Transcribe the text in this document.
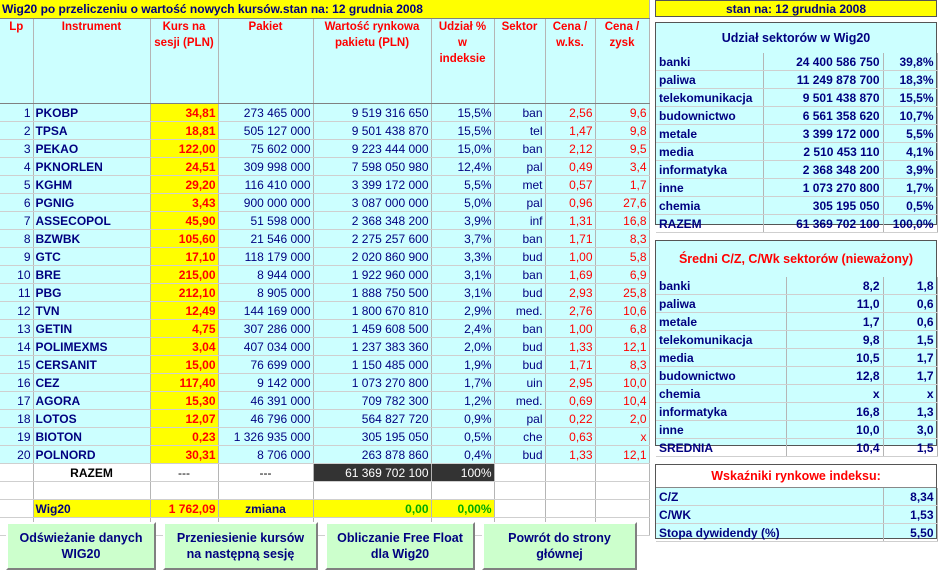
Wig20 po przeliczeniu o wartość nowych kursów.stan na: 12 grudnia 2008								
Lp	Instrument	Kurs na sesji (PLN)	Pakiet	Wartość rynkowa pakietu (PLN)	Udział % w indeksie	Sektor	Cena / w.ks.	Cena / zysk
1	PKOBP	34,81	273 465 000	9 519 316 650	15,5%	ban	2,56	9,6
2	TPSA	18,81	505 127 000	9 501 438 870	15,5%	tel	1,47	9,8
3	PEKAO	122,00	75 602 000	9 223 444 000	15,0%	ban	2,12	9,5
4	PKNORLEN	24,51	309 998 000	7 598 050 980	12,4%	pal	0,49	3,4
5	KGHM	29,20	116 410 000	3 399 172 000	5,5%	met	0,57	1,7
6	PGNIG	3,43	900 000 000	3 087 000 000	5,0%	pal	0,96	27,6
7	ASSECOPOL	45,90	51 598 000	2 368 348 200	3,9%	inf	1,31	16,8
8	BZWBK	105,60	21 546 000	2 275 257 600	3,7%	ban	1,71	8,3
9	GTC	17,10	118 179 000	2 020 860 900	3,3%	bud	1,00	5,8
10	BRE	215,00	8 944 000	1 922 960 000	3,1%	ban	1,69	6,9
11	PBG	212,10	8 905 000	1 888 750 500	3,1%	bud	2,93	25,8
12	TVN	12,49	144 169 000	1 800 670 810	2,9%	med.	2,76	10,6
13	GETIN	4,75	307 286 000	1 459 608 500	2,4%	ban	1,00	6,8
14	POLIMEXMS	3,04	407 034 000	1 237 383 360	2,0%	bud	1,33	12,1
15	CERSANIT	15,00	76 699 000	1 150 485 000	1,9%	bud	1,71	8,3
16	CEZ	117,40	9 142 000	1 073 270 800	1,7%	uin	2,95	10,0
17	AGORA	15,30	46 391 000	709 782 300	1,2%	med.	0,69	10,4
18	LOTOS	12,07	46 796 000	564 827 720	0,9%	pal	0,22	2,0
19	BIOTON	0,23	1 326 935 000	305 195 050	0,5%	che	0,63	x
20	POLNORD	30,31	8 706 000	263 878 860	0,4%	bud	1,33	12,1
	RAZEM	---	---	61 369 702 100	100%			

	Wig20	1 762,09	zmiana	0,00	0,00%			

Odświeżanie danych WIG20
Przeniesienie kursów na następną sesję
Obliczanie Free Float dla Wig20
Powrót do strony głównej
stan na: 12 grudnia 2008
Udział sektorów w Wig20
banki	24 400 586 750	39,8%
paliwa	11 249 878 700	18,3%
telekomunikacja	9 501 438 870	15,5%
budownictwo	6 561 358 620	10,7%
metale	3 399 172 000	5,5%
media	2 510 453 110	4,1%
informatyka	2 368 348 200	3,9%
inne	1 073 270 800	1,7%
chemia	305 195 050	0,5%
RAZEM	61 369 702 100	100,0%
Średni C/Z, C/Wk sektorów (nieważony)
banki	8,2	1,8
paliwa	11,0	0,6
metale	1,7	0,6
telekomunikacja	9,8	1,5
media	10,5	1,7
budownictwo	12,8	1,7
chemia	x	x
informatyka	16,8	1,3
inne	10,0	3,0
SREDNIA	10,4	1,5
Wskaźniki rynkowe indeksu:
C/Z	8,34
C/WK	1,53
Stopa dywidendy (%)	5,50
